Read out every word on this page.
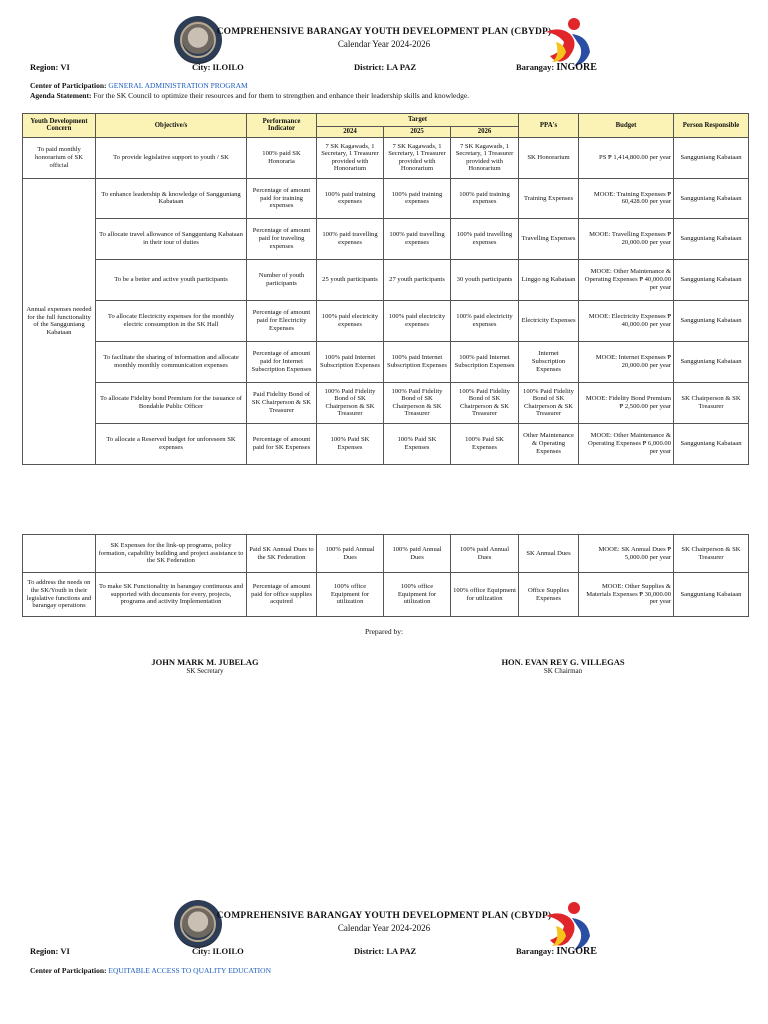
COMPREHENSIVE BARANGAY YOUTH DEVELOPMENT PLAN (CBYDP)
Calendar Year 2024-2026
Region: VI	City: ILOILO	District: LA PAZ	Barangay: INGORE
Center of Participation: GENERAL ADMINISTRATION PROGRAM
Agenda Statement: For the SK Council to optimize their resources and for them to strengthen and enhance their leadership skills and knowledge.
Youth Development Concern	Objective/s	Performance Indicator	Target			PPA's	Budget	Person Responsible
			2024	2025	2026			
To paid monthly honorarium of SK official	To provide legislative support to youth / SK	100% paid SK Honoraria	7 SK Kagawads, 1 Secretary, 1 Treasurer provided with Honorarium	7 SK Kagawads, 1 Secretary, 1 Treasurer provided with Honorarium	7 SK Kagawads, 1 Secretary, 1 Treasurer provided with Honorarium	SK Honorarium	PS ₱ 1,414,800.00 per year	Sangguniang Kabataan
Annual expenses needed for the full functionality of the Sangguniang Kabataan	To enhance leadership & knowledge of Sangguniang Kabataan	Percentage of amount paid for training expenses	100% paid training expenses	100% paid training expenses	100% paid training expenses	Training Expenses	MOOE: Training Expenses ₱ 60,428.00 per year	Sangguniang Kabataan
	To allocate travel allowance of Sangguniang Kabataan in their tour of duties	Percentage of amount paid for traveling expenses	100% paid travelling expenses	100% paid travelling expenses	100% paid travelling expenses	Travelling Expenses	MOOE: Travelling Expenses ₱ 20,000.00 per year	Sangguniang Kabataan
	To be a better and active youth participants	Number of youth participants	25 youth participants	27 youth participants	30 youth participants	Linggo ng Kabataan	MOOE: Other Maintenance & Operating Expenses ₱ 40,000.00 per year	Sangguniang Kabataan
	To allocate Electricity expenses for the monthly electric consumption in the SK Hall	Percentage of amount paid for Electricity Expenses	100% paid electricity expenses	100% paid electricity expenses	100% paid electricity expenses	Electricity Expenses	MOOE: Electricity Expenses ₱ 40,000.00 per year	Sangguniang Kabataan
	To facilitate the sharing of information and allocate monthly monthly communication expenses	Percentage of amount paid for Internet Subscription Expenses	100% paid Internet Subscription Expenses	100% paid Internet Subscription Expenses	100% paid Internet Subscription Expenses	Internet Subscription Expenses	MOOE: Internet Expenses ₱ 20,000.00 per year	Sangguniang Kabataan
	To allocate Fidelity bond Premium for the issuance of Bondable Public Officer	Paid Fidelity Bond of SK Chairperson & SK Treasurer	100% Paid Fidelity Bond of SK Chairperson & SK Treasurer	100% Paid Fidelity Bond of SK Chairperson & SK Treasurer	100% Paid Fidelity Bond of SK Chairperson & SK Treasurer	100% Paid Fidelity Bond of SK Chairperson & SK Treasurer	MOOE: Fidelity Bond Premium ₱ 2,500.00 per year	SK Chairperson & SK Treasurer
	To allocate a Reserved budget for unforeseen SK expenses	Percentage of amount paid for SK Expenses	100% Paid SK Expenses	100% Paid SK Expenses	100% Paid SK Expenses	Other Maintenance & Operating Expenses	MOOE: Other Maintenance & Operating Expenses ₱ 6,000.00 per year	Sangguniang Kabataan
	SK Expenses for the link-up programs, policy formation, capability building and project assistance to the SK Federation	Paid SK Annual Dues to the SK Federation	100% paid Annual Dues	100% paid Annual Dues	100% paid Annual Dues	SK Annual Dues	MOOE: SK Annual Dues ₱ 5,000.00 per year	SK Chairperson & SK Treasurer
To address the needs on the SK/Youth in their legislative functions and barangay operations	To make SK Functionality in barangay continuous and supported with documents for every, projects, programs and activity Implementation	Percentage of amount paid for office supplies acquired	100% office Equipment for utilization	100% office Equipment for utilization	100% office Equipment for utilization	Office Supplies Expenses	MOOE: Other Supplies & Materials Expenses ₱ 30,000.00 per year	Sangguniang Kabataan
Prepared by:
JOHN MARK M. JUBELAG
SK Secretary
HON. EVAN REY G. VILLEGAS
SK Chairman
COMPREHENSIVE BARANGAY YOUTH DEVELOPMENT PLAN (CBYDP)
Calendar Year 2024-2026
Region: VI	City: ILOILO	District: LA PAZ	Barangay: INGORE
Center of Participation: EQUITABLE ACCESS TO QUALITY EDUCATION
